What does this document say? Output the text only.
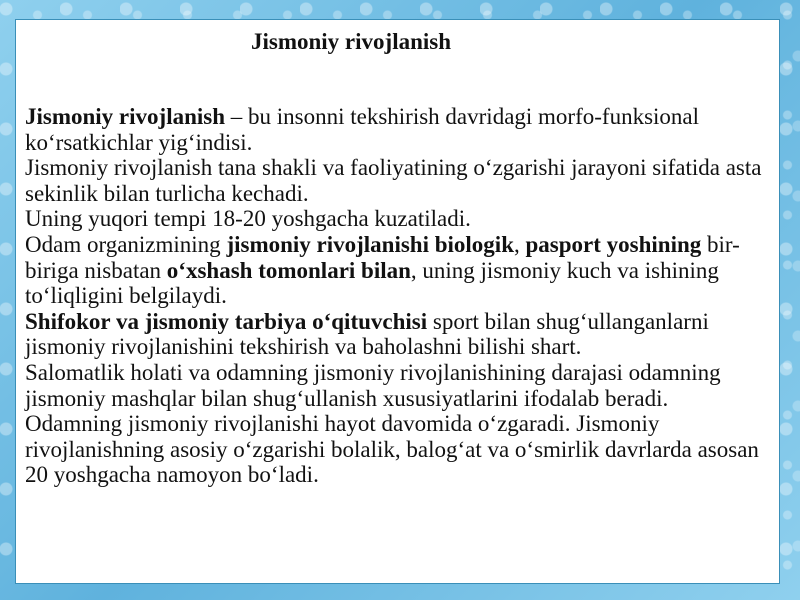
Jismoniy rivojlanish

Jismoniy rivojlanish – bu insonni tekshirish davridagi morfo-funksional ko‘rsatkichlar yig‘indisi.

Jismoniy rivojlanish tana shakli va faoliyatining o‘zgarishi jarayoni sifatida asta sekinlik bilan turlicha kechadi.

Uning yuqori tempi 18-20 yoshgacha kuzatiladi.

Odam organizmining jismoniy rivojlanishi biologik, pasport yoshining bir-biriga nisbatan o‘xshash tomonlari bilan, uning jismoniy kuch va ishining to‘liqligini belgilaydi.

Shifokor va jismoniy tarbiya o‘qituvchisi sport bilan shug‘ullanganlarni jismoniy rivojlanishini tekshirish va baholashni bilishi shart.

Salomatlik holati va odamning jismoniy rivojlanishining darajasi odamning jismoniy mashqlar bilan shug‘ullanish xususiyatlarini ifodalab beradi.

Odamning jismoniy rivojlanishi hayot davomida o‘zgaradi. Jismoniy rivojlanishning asosiy o‘zgarishi bolalik, balog‘at va o‘smirlik davrlarda asosan 20 yoshgacha namoyon bo‘ladi.
